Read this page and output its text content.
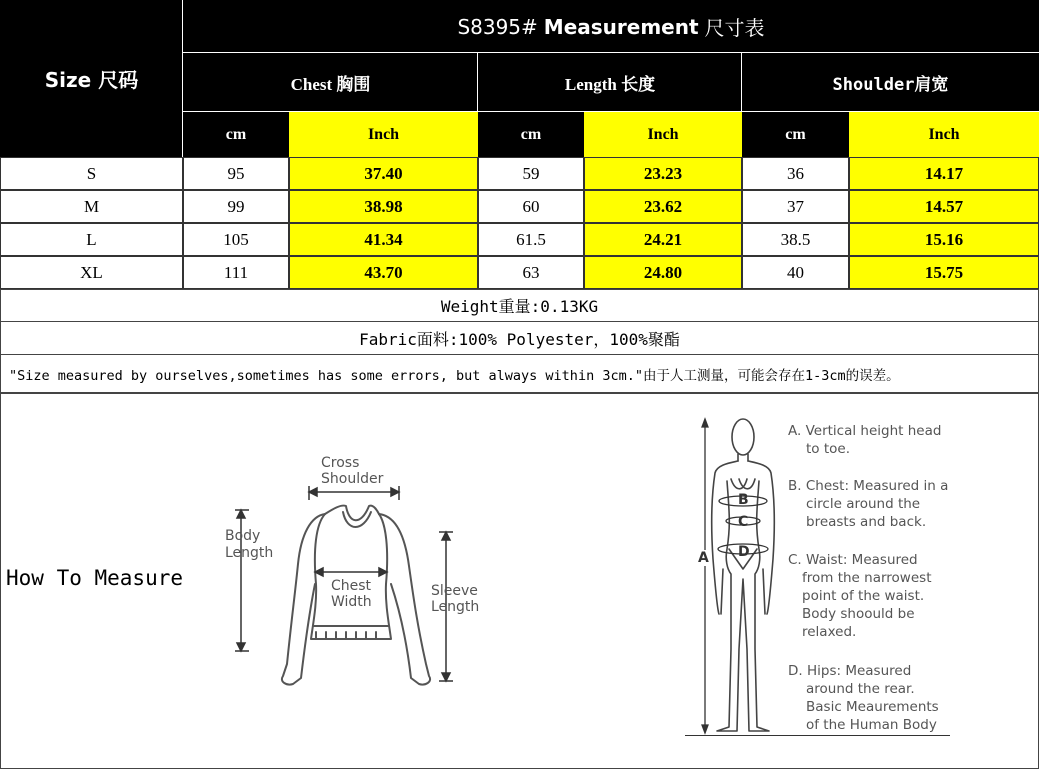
Size 尺码
S8395# Measurement 尺寸表
Chest 胸围	Length 长度	Shoulder肩宽
cm	Inch	cm	Inch	cm	Inch
S	95	37.40	59	23.23	36	14.17
M	99	38.98	60	23.62	37	14.57
L	105	41.34	61.5	24.21	38.5	15.16
XL	111	43.70	63	24.80	40	15.75
Weight重量:0.13KG
Fabric面料:100% Polyester，100%聚酯
"Size measured by ourselves,sometimes has some errors, but always within 3cm."由于人工测量，可能会存在1-3cm的误差。
How To Measure
Cross
Shoulder
Body
Length
Chest
Width
Sleeve
Length
A
B
C
D
A. Vertical height head
to toe.
B. Chest: Measured in a
circle around the
breasts and back.
C. Waist: Measured
from the narrowest
point of the waist.
Body shoould be
relaxed.
D. Hips: Measured
around the rear.
Basic Meaurements
of the Human Body
